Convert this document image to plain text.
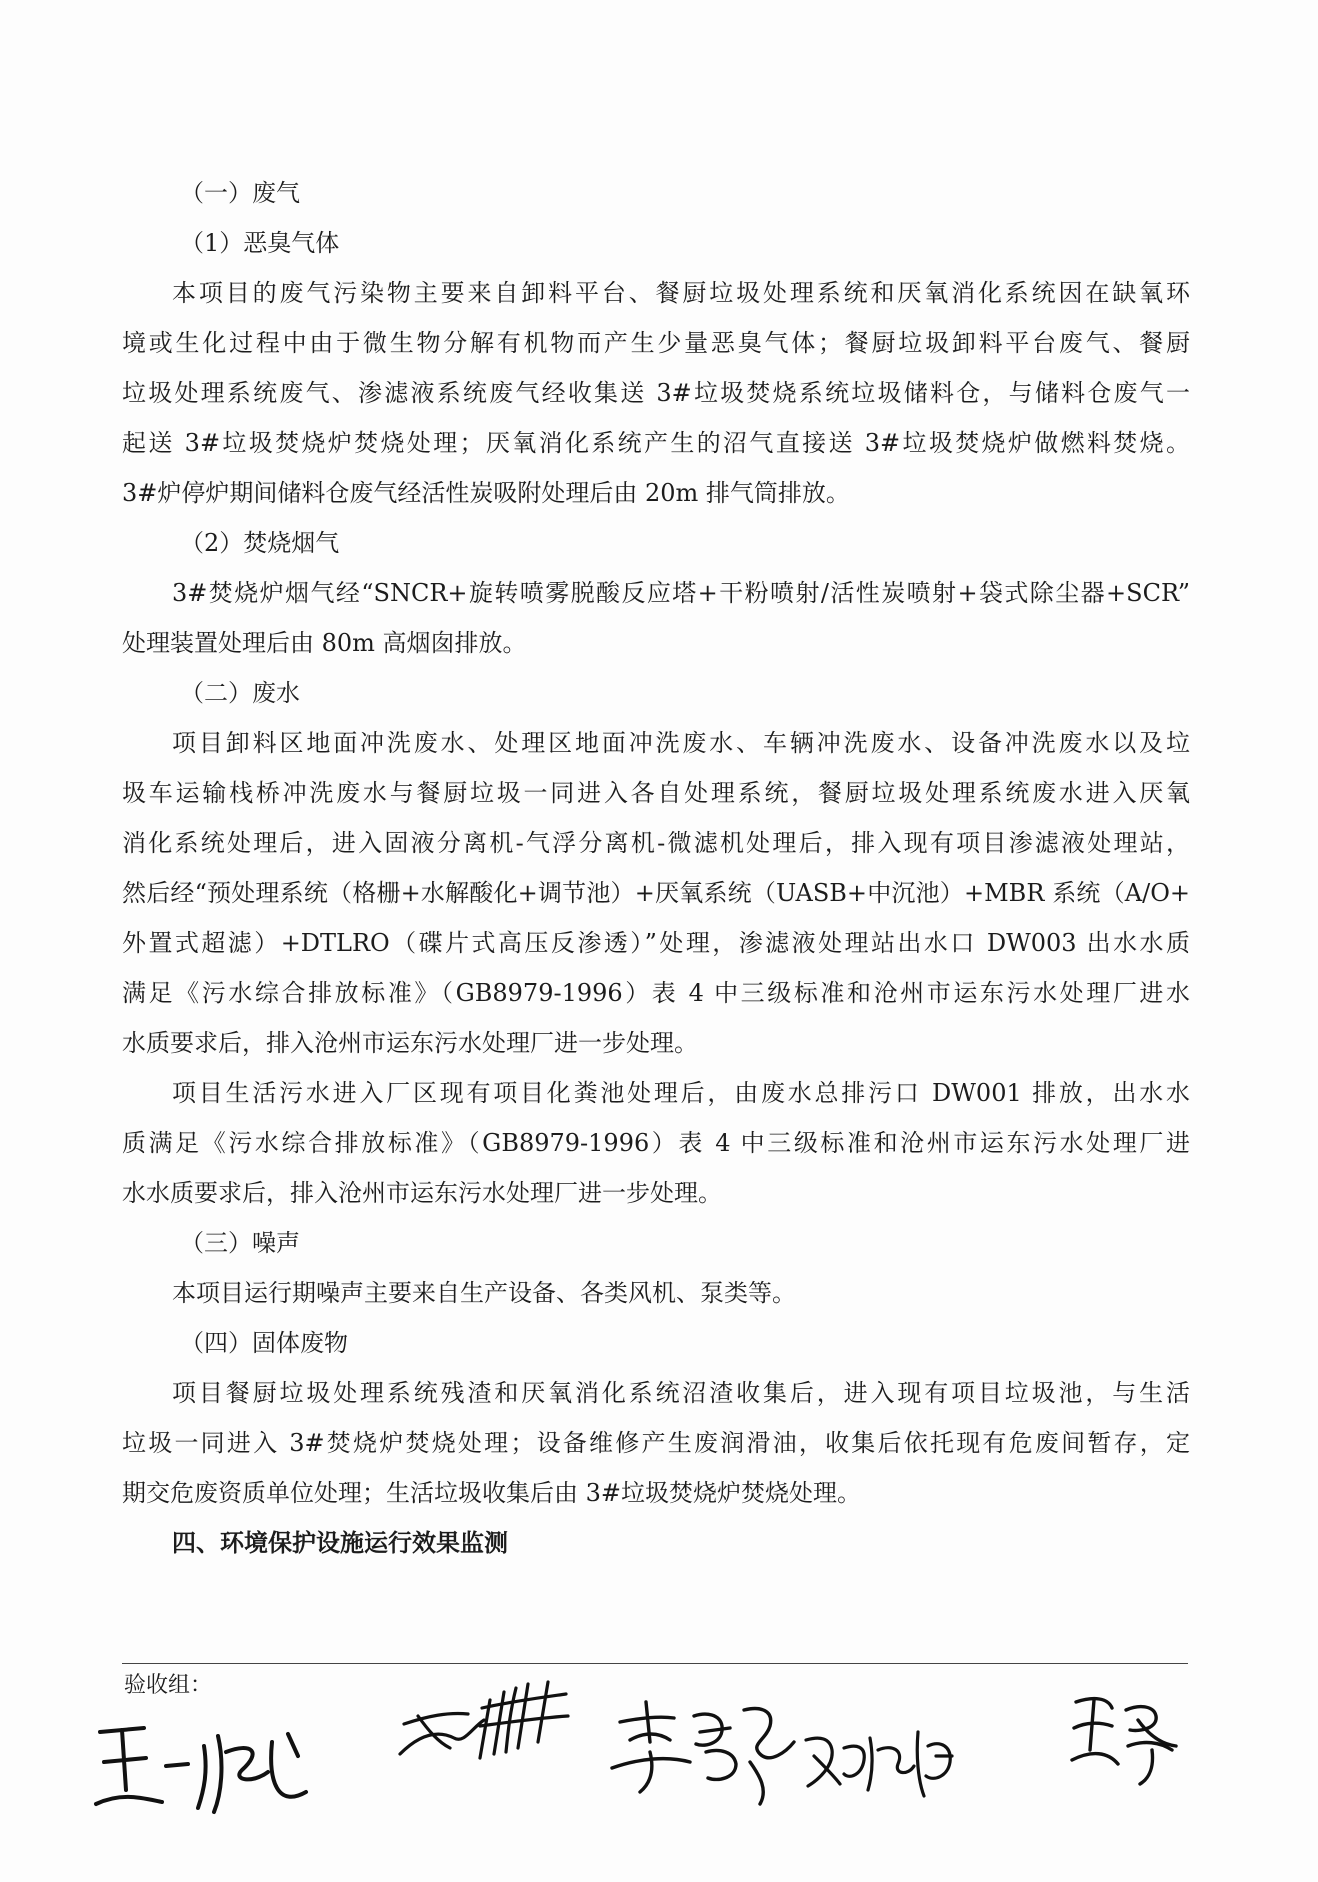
（一）废气
（1）恶臭气体
本项目的废气污染物主要来自卸料平台、餐厨垃圾处理系统和厌氧消化系统因在缺氧环
境或生化过程中由于微生物分解有机物而产生少量恶臭气体；餐厨垃圾卸料平台废气、餐厨
垃圾处理系统废气、渗滤液系统废气经收集送 3#垃圾焚烧系统垃圾储料仓，与储料仓废气一
起送 3#垃圾焚烧炉焚烧处理；厌氧消化系统产生的沼气直接送 3#垃圾焚烧炉做燃料焚烧。
3#炉停炉期间储料仓废气经活性炭吸附处理后由 20m 排气筒排放。
（2）焚烧烟气
3#焚烧炉烟气经“SNCR+旋转喷雾脱酸反应塔+干粉喷射/活性炭喷射+袋式除尘器+SCR”
处理装置处理后由 80m 高烟囱排放。
（二）废水
项目卸料区地面冲洗废水、处理区地面冲洗废水、车辆冲洗废水、设备冲洗废水以及垃
圾车运输栈桥冲洗废水与餐厨垃圾一同进入各自处理系统，餐厨垃圾处理系统废水进入厌氧
消化系统处理后，进入固液分离机-气浮分离机-微滤机处理后，排入现有项目渗滤液处理站，
然后经“预处理系统（格栅+水解酸化+调节池）+厌氧系统（UASB+中沉池）+MBR 系统（A/O+
外置式超滤）+DTLRO（碟片式高压反渗透）”处理，渗滤液处理站出水口 DW003 出水水质
满足《污水综合排放标准》（GB8979-1996）表 4 中三级标准和沧州市运东污水处理厂进水
水质要求后，排入沧州市运东污水处理厂进一步处理。
项目生活污水进入厂区现有项目化粪池处理后，由废水总排污口 DW001 排放，出水水
质满足《污水综合排放标准》（GB8979-1996）表 4 中三级标准和沧州市运东污水处理厂进
水水质要求后，排入沧州市运东污水处理厂进一步处理。
（三）噪声
本项目运行期噪声主要来自生产设备、各类风机、泵类等。
（四）固体废物
项目餐厨垃圾处理系统残渣和厌氧消化系统沼渣收集后，进入现有项目垃圾池，与生活
垃圾一同进入 3#焚烧炉焚烧处理；设备维修产生废润滑油，收集后依托现有危废间暂存，定
期交危废资质单位处理；生活垃圾收集后由 3#垃圾焚烧炉焚烧处理。
四、环境保护设施运行效果监测
验收组：
